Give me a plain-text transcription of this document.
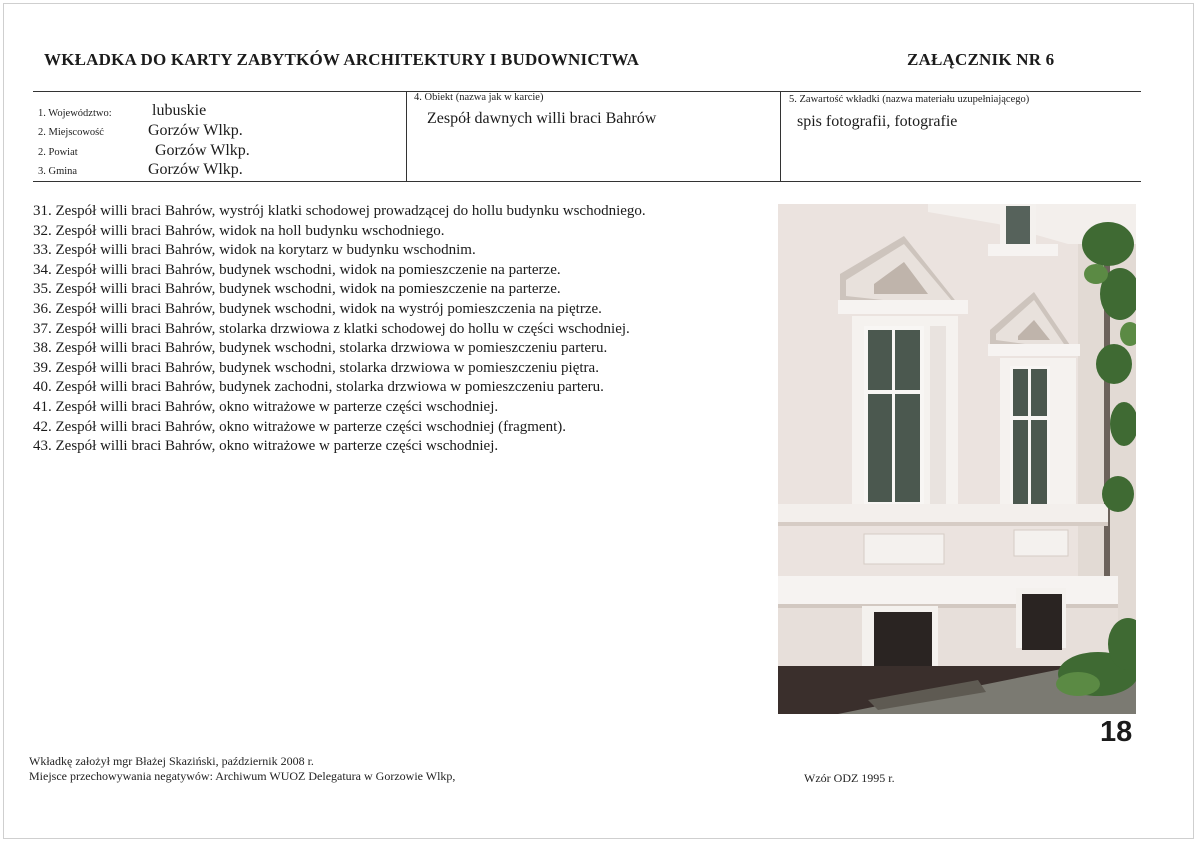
WKŁADKA DO KARTY ZABYTKÓW ARCHITEKTURY I BUDOWNICTWA	ZAŁĄCZNIK NR 6
1. Województwo:	lubuskie
2. Miejscowość	Gorzów Wlkp.
2. Powiat	Gorzów Wlkp.
3. Gmina	Gorzów Wlkp.
4. Obiekt (nazwa jak w karcie)
Zespół dawnych willi braci Bahrów
5. Zawartość wkładki (nazwa materiału uzupełniającego)
spis fotografii, fotografie
31. Zespół willi braci Bahrów, wystrój klatki schodowej prowadzącej do hollu budynku wschodniego.
32. Zespół willi braci Bahrów, widok na holl budynku wschodniego.
33. Zespół willi braci Bahrów, widok na korytarz w budynku wschodnim.
34. Zespół willi braci Bahrów, budynek wschodni, widok na pomieszczenie na parterze.
35. Zespół willi braci Bahrów, budynek wschodni, widok na pomieszczenie na parterze.
36. Zespół willi braci Bahrów, budynek wschodni, widok na wystrój pomieszczenia na piętrze.
37. Zespół willi braci Bahrów, stolarka drzwiowa z klatki schodowej do hollu w części wschodniej.
38. Zespół willi braci Bahrów, budynek wschodni, stolarka drzwiowa w pomieszczeniu parteru.
39. Zespół willi braci Bahrów, budynek wschodni, stolarka drzwiowa w pomieszczeniu piętra.
40. Zespół willi braci Bahrów, budynek zachodni, stolarka drzwiowa w pomieszczeniu parteru.
41. Zespół willi braci Bahrów, okno witrażowe w parterze części wschodniej.
42. Zespół willi braci Bahrów, okno witrażowe w parterze części wschodniej (fragment).
43. Zespół willi braci Bahrów, okno witrażowe w parterze części wschodniej.
18
Wkładkę założył mgr Błażej Skaziński, październik 2008 r.
Miejsce przechowywania negatywów: Archiwum WUOZ Delegatura w Gorzowie Wlkp,	Wzór ODZ 1995 r.
